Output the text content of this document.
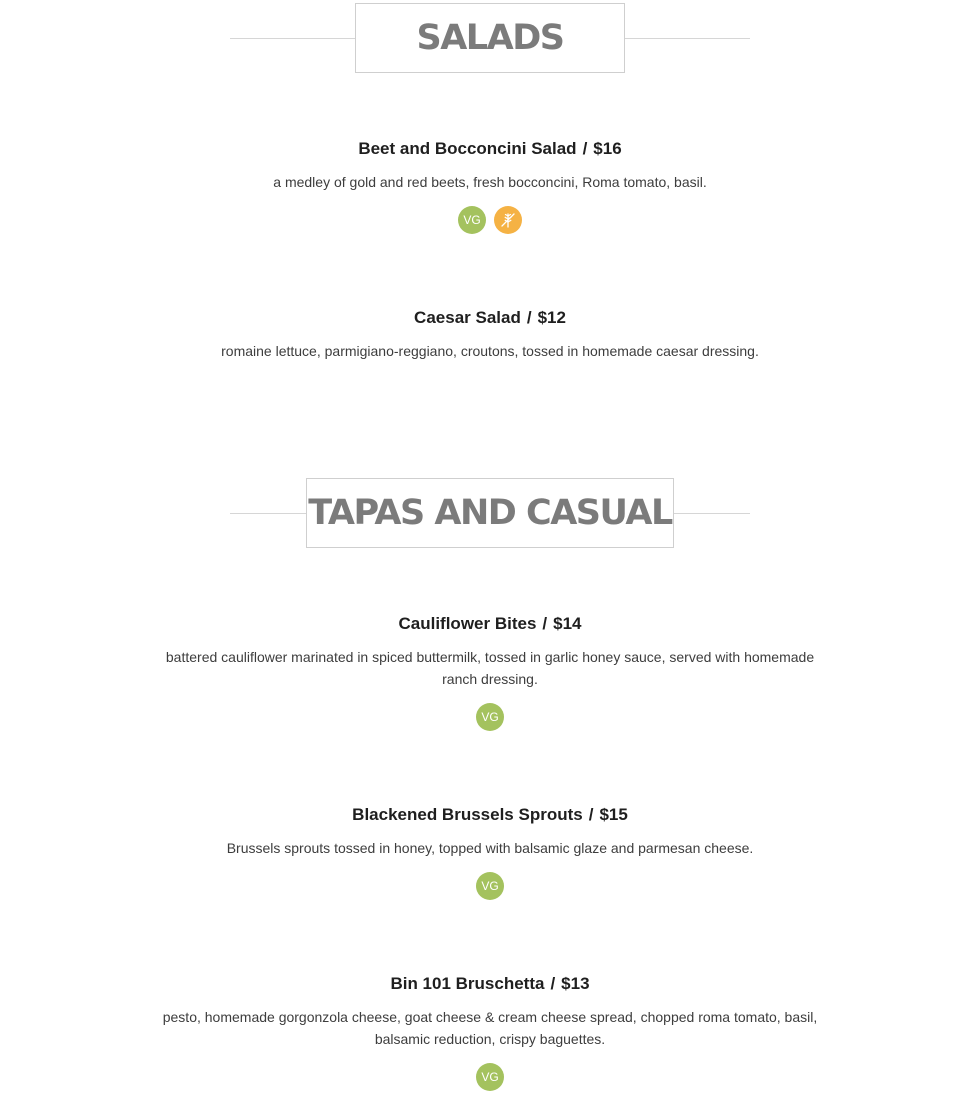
SALADS
Beet and Bocconcini Salad / $16
a medley of gold and red beets, fresh bocconcini, Roma tomato, basil.
VG
Caesar Salad / $12
romaine lettuce, parmigiano-reggiano, croutons, tossed in homemade caesar dressing.
TAPAS AND CASUAL
Cauliflower Bites / $14
battered cauliflower marinated in spiced buttermilk, tossed in garlic honey sauce, served with homemade ranch dressing.
VG
Blackened Brussels Sprouts / $15
Brussels sprouts tossed in honey, topped with balsamic glaze and parmesan cheese.
VG
Bin 101 Bruschetta / $13
pesto, homemade gorgonzola cheese, goat cheese & cream cheese spread, chopped roma tomato, basil, balsamic reduction, crispy baguettes.
VG
